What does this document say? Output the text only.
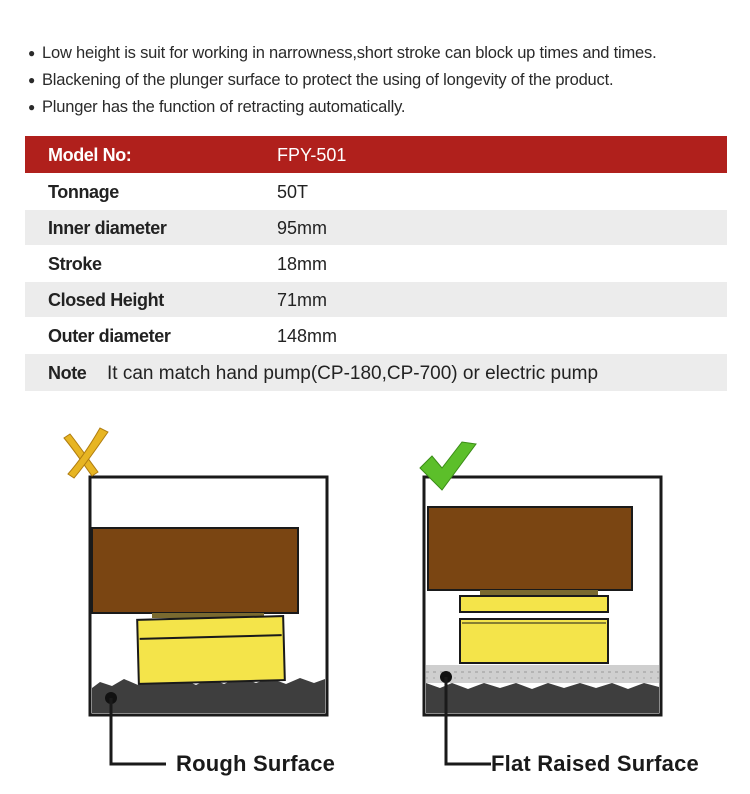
● Low height is suit for working in narrowness,short stroke can block up times and times.
● Blackening of the plunger surface to protect the using of longevity of the product.
● Plunger has the function of retracting automatically.
Model No:	FPY-501
Tonnage	50T
Inner diameter	95mm
Stroke	18mm
Closed Height	71mm
Outer diameter	148mm
Note It can match hand pump(CP-180,CP-700) or electric pump
Rough Surface	Flat Raised Surface
